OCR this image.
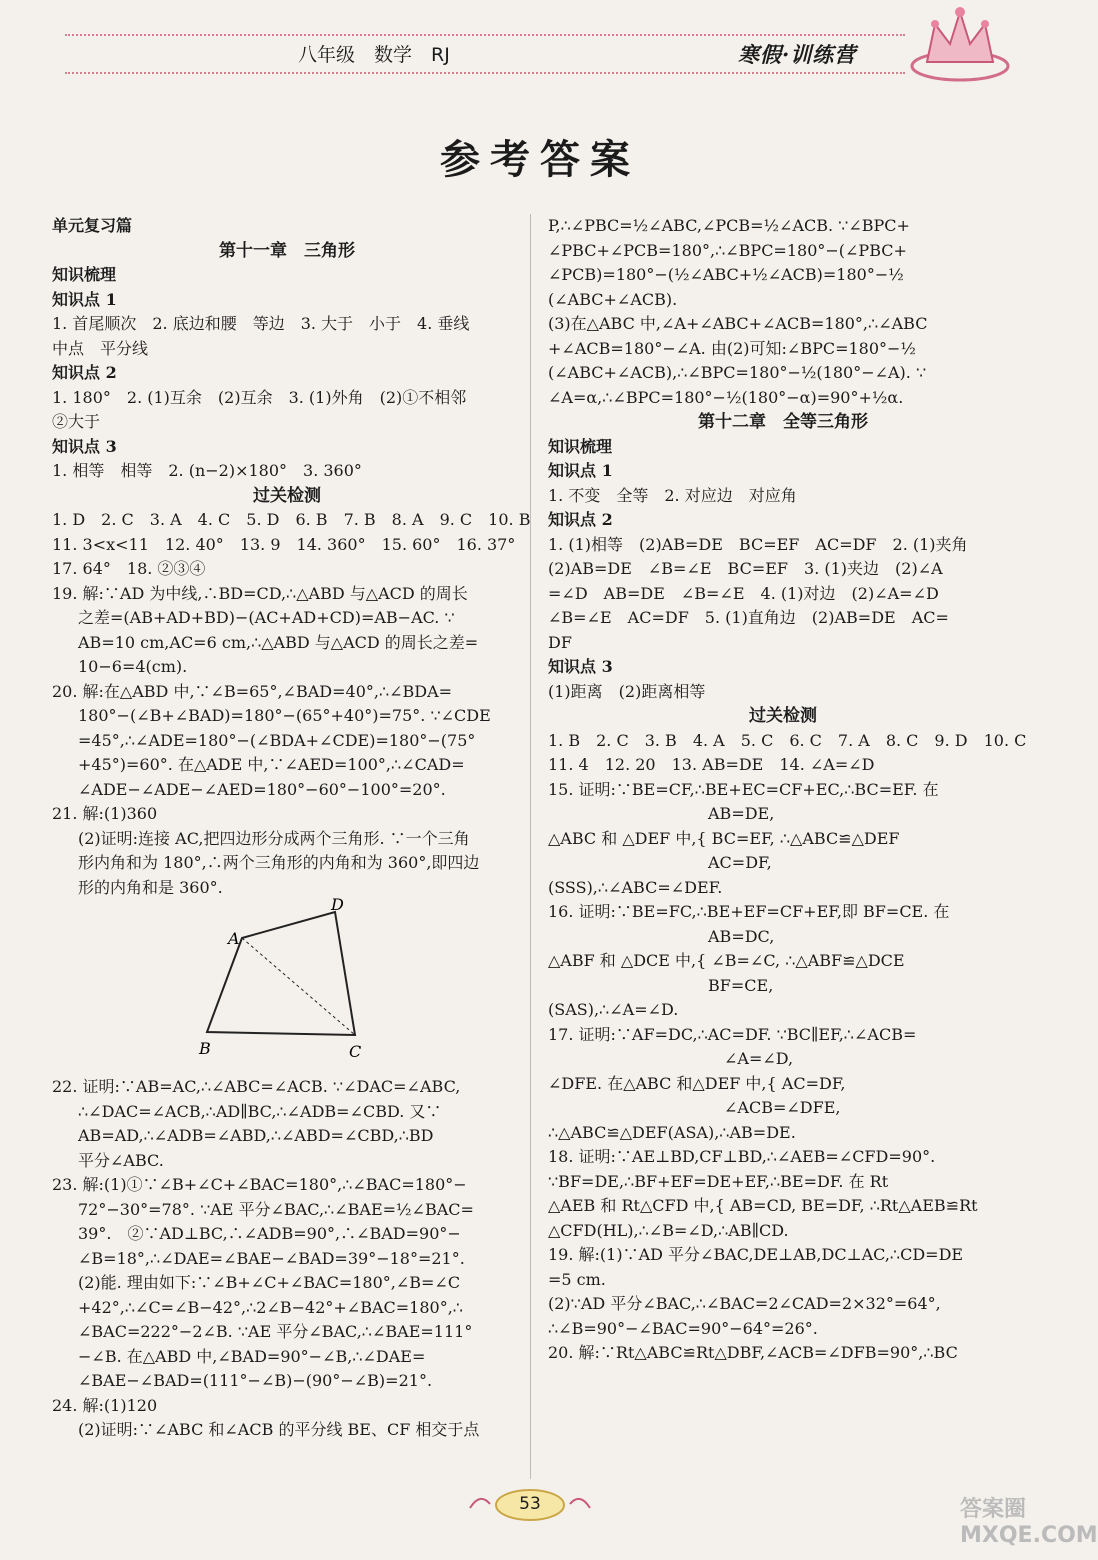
八年级　数学　RJ	寒假·训练营
参考答案

单元复习篇

第十一章　三角形

知识梳理

知识点 1

1. 首尾顺次　2. 底边和腰　等边　3. 大于　小于　4. 垂线

中点　平分线

知识点 2

1. 180°　2. (1)互余　(2)互余　3. (1)外角　(2)①不相邻

②大于

知识点 3

1. 相等　相等　2. (n−2)×180°　3. 360°

过关检测

1. D　2. C　3. A　4. C　5. D　6. B　7. B　8. A　9. C　10. B

11. 3<x<11　12. 40°　13. 9　14. 360°　15. 60°　16. 37°

17. 64°　18. ②③④

19. 解:∵AD 为中线,∴BD=CD,∴△ABD 与△ACD 的周长

之差=(AB+AD+BD)−(AC+AD+CD)=AB−AC. ∵

AB=10 cm,AC=6 cm,∴△ABD 与△ACD 的周长之差=

10−6=4(cm).

20. 解:在△ABD 中,∵∠B=65°,∠BAD=40°,∴∠BDA=

180°−(∠B+∠BAD)=180°−(65°+40°)=75°. ∵∠CDE

=45°,∴∠ADE=180°−(∠BDA+∠CDE)=180°−(75°

+45°)=60°. 在△ADE 中,∵∠AED=100°,∴∠CAD=

∠ADE−∠ADE−∠AED=180°−60°−100°=20°.

21. 解:(1)360

(2)证明:连接 AC,把四边形分成两个三角形. ∵一个三角

形内角和为 180°,∴两个三角形的内角和为 360°,即四边

形的内角和是 360°.

A
D
B	C

22. 证明:∵AB=AC,∴∠ABC=∠ACB. ∵∠DAC=∠ABC,

∴∠DAC=∠ACB,∴AD∥BC,∴∠ADB=∠CBD. 又∵

AB=AD,∴∠ADB=∠ABD,∴∠ABD=∠CBD,∴BD

平分∠ABC.

23. 解:(1)①∵∠B+∠C+∠BAC=180°,∴∠BAC=180°−

72°−30°=78°. ∵AE 平分∠BAC,∴∠BAE=½∠BAC=

39°.　②∵AD⊥BC,∴∠ADB=90°,∴∠BAD=90°−

∠B=18°,∴∠DAE=∠BAE−∠BAD=39°−18°=21°.

(2)能. 理由如下:∵∠B+∠C+∠BAC=180°,∠B=∠C

+42°,∴∠C=∠B−42°,∴2∠B−42°+∠BAC=180°,∴

∠BAC=222°−2∠B. ∵AE 平分∠BAC,∴∠BAE=111°

−∠B. 在△ABD 中,∠BAD=90°−∠B,∴∠DAE=

∠BAE−∠BAD=(111°−∠B)−(90°−∠B)=21°.

24. 解:(1)120

(2)证明:∵∠ABC 和∠ACB 的平分线 BE、CF 相交于点

P,∴∠PBC=½∠ABC,∠PCB=½∠ACB. ∵∠BPC+

∠PBC+∠PCB=180°,∴∠BPC=180°−(∠PBC+

∠PCB)=180°−(½∠ABC+½∠ACB)=180°−½

(∠ABC+∠ACB).

(3)在△ABC 中,∠A+∠ABC+∠ACB=180°,∴∠ABC

+∠ACB=180°−∠A. 由(2)可知:∠BPC=180°−½

(∠ABC+∠ACB),∴∠BPC=180°−½(180°−∠A). ∵

∠A=α,∴∠BPC=180°−½(180°−α)=90°+½α.

第十二章　全等三角形

知识梳理

知识点 1

1. 不变　全等　2. 对应边　对应角

知识点 2

1. (1)相等　(2)AB=DE　BC=EF　AC=DF　2. (1)夹角

(2)AB=DE　∠B=∠E　BC=EF　3. (1)夹边　(2)∠A

=∠D　AB=DE　∠B=∠E　4. (1)对边　(2)∠A=∠D

∠B=∠E　AC=DF　5. (1)直角边　(2)AB=DE　AC=

DF

知识点 3

(1)距离　(2)距离相等

过关检测

1. B　2. C　3. B　4. A　5. C　6. C　7. A　8. C　9. D　10. C

11. 4　12. 20　13. AB=DE　14. ∠A=∠D

15. 证明:∵BE=CF,∴BE+EC=CF+EC,∴BC=EF. 在

　　　　　　　　　　AB=DE,

△ABC 和 △DEF 中,{ BC=EF, ∴△ABC≌△DEF

　　　　　　　　　　AC=DF,

(SSS),∴∠ABC=∠DEF.

16. 证明:∵BE=FC,∴BE+EF=CF+EF,即 BF=CE. 在

　　　　　　　　　　AB=DC,

△ABF 和 △DCE 中,{ ∠B=∠C, ∴△ABF≌△DCE

　　　　　　　　　　BF=CE,

(SAS),∴∠A=∠D.

17. 证明:∵AF=DC,∴AC=DF. ∵BC∥EF,∴∠ACB=

　　　　　　　　　　　∠A=∠D,

∠DFE. 在△ABC 和△DEF 中,{ AC=DF,

　　　　　　　　　　　∠ACB=∠DFE,

∴△ABC≌△DEF(ASA),∴AB=DE.

18. 证明:∵AE⊥BD,CF⊥BD,∴∠AEB=∠CFD=90°.

∵BF=DE,∴BF+EF=DE+EF,∴BE=DF. 在 Rt

△AEB 和 Rt△CFD 中,{ AB=CD, BE=DF, ∴Rt△AEB≌Rt

△CFD(HL),∴∠B=∠D,∴AB∥CD.

19. 解:(1)∵AD 平分∠BAC,DE⊥AB,DC⊥AC,∴CD=DE

=5 cm.

(2)∵AD 平分∠BAC,∴∠BAC=2∠CAD=2×32°=64°,

∴∠B=90°−∠BAC=90°−64°=26°.

20. 解:∵Rt△ABC≌Rt△DBF,∠ACB=∠DFB=90°,∴BC

53	答案圈 MXQE.COM
